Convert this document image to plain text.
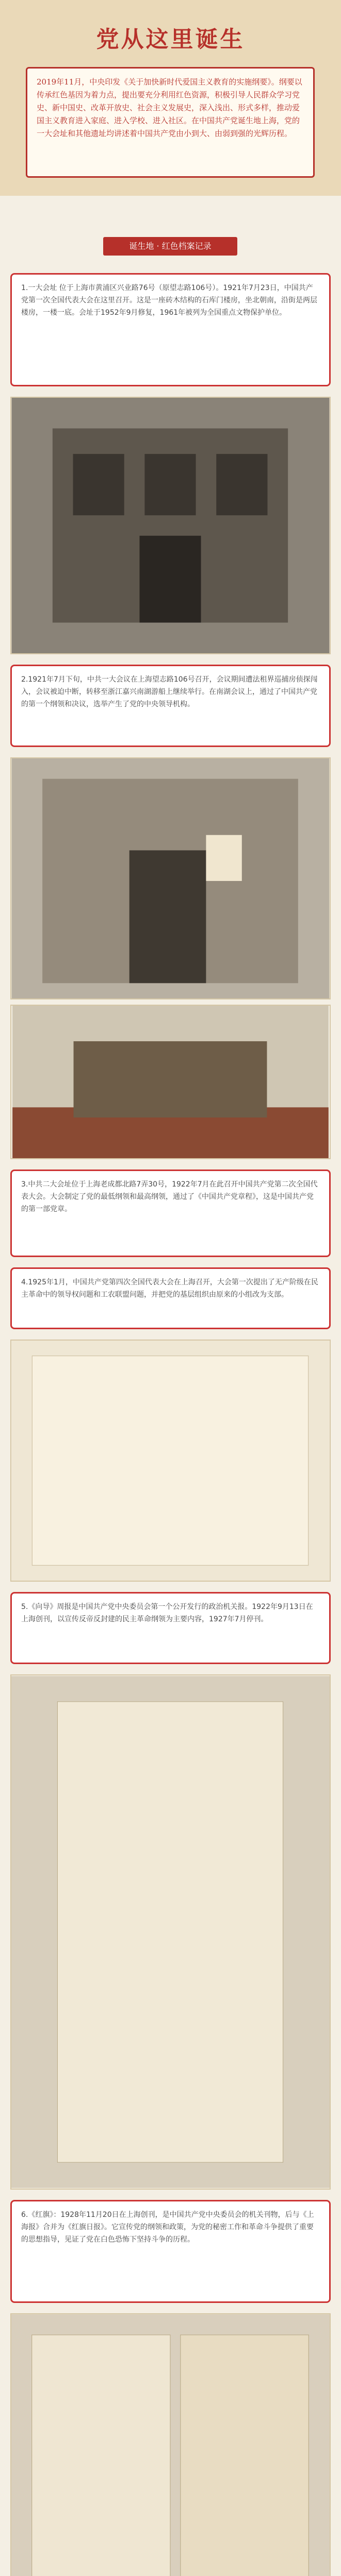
党从这里诞生
2019年11月，中央印发《关于加快新时代爱国主义教育的实施纲要》。纲要以传承红色基因为着力点，提出要充分利用红色资源，积极引导人民群众学习党史、新中国史、改革开放史、社会主义发展史，深入浅出、形式多样，推动爱国主义教育进入家庭、进入学校、进入社区。在中国共产党诞生地上海，党的一大会址和其他遗址均讲述着中国共产党由小到大、由弱到强的光辉历程。
诞生地 · 红色档案记录
1.一大会址 位于上海市黄浦区兴业路76号（原望志路106号）。1921年7月23日，中国共产党第一次全国代表大会在这里召开。这是一座砖木结构的石库门楼房，坐北朝南，沿街是两层楼房，一楼一底。会址于1952年9月修复，1961年被列为全国重点文物保护单位。
2.1921年7月下旬，中共一大会议在上海望志路106号召开，会议期间遭法租界巡捕房侦探闯入，会议被迫中断，转移至浙江嘉兴南湖游船上继续举行。在南湖会议上，通过了中国共产党的第一个纲领和决议，选举产生了党的中央领导机构。
3.中共二大会址位于上海老成都北路7弄30号，1922年7月在此召开中国共产党第二次全国代表大会。大会制定了党的最低纲领和最高纲领，通过了《中国共产党章程》，这是中国共产党的第一部党章。
4.1925年1月，中国共产党第四次全国代表大会在上海召开，大会第一次提出了无产阶级在民主革命中的领导权问题和工农联盟问题，并把党的基层组织由原来的小组改为支部。
5.《向导》周报是中国共产党中央委员会第一个公开发行的政治机关报。1922年9月13日在上海创刊，以宣传反帝反封建的民主革命纲领为主要内容，1927年7月停刊。
6.《红旗》：1928年11月20日在上海创刊，是中国共产党中央委员会的机关刊物，后与《上海报》合并为《红旗日报》。它宣传党的纲领和政策，为党的秘密工作和革命斗争提供了重要的思想指导，见证了党在白色恐怖下坚持斗争的历程。
